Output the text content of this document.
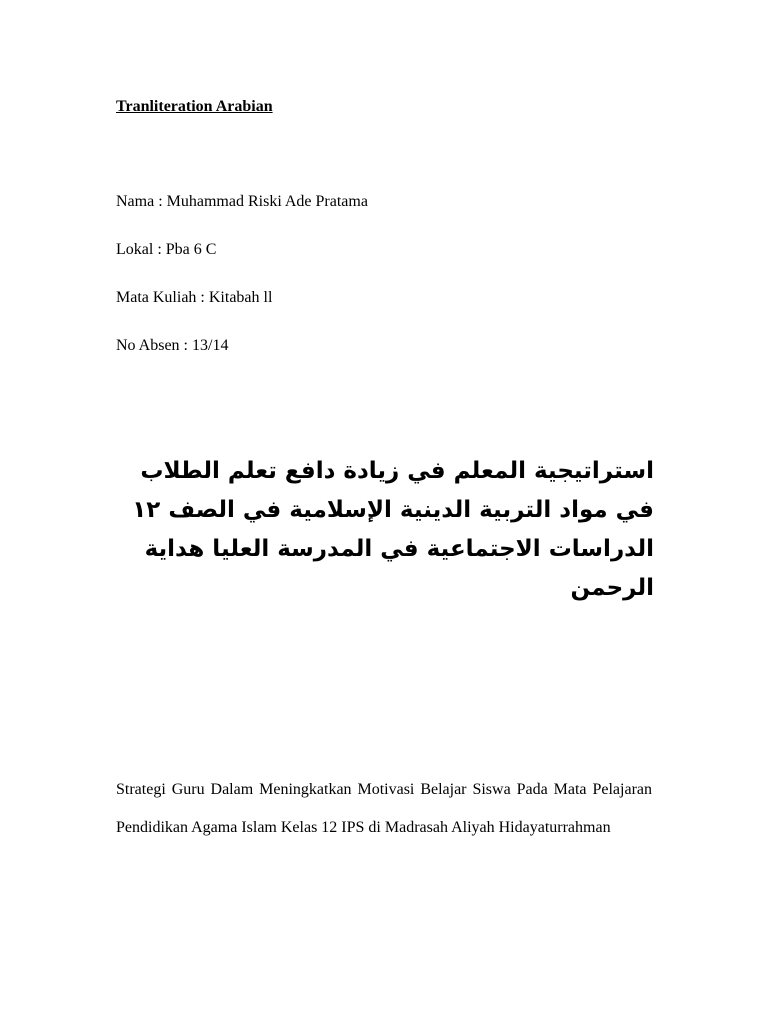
Tranliteration Arabian

Nama : Muhammad Riski Ade Pratama

Lokal : Pba 6 C

Mata Kuliah : Kitabah ll

No Absen : 13/14

استراتيجية المعلم في زيادة دافع تعلم الطلاب في مواد التربية الدينية الإسلامية في الصف ١٢ الدراسات الاجتماعية في المدرسة العليا هداية الرحمن

Strategi Guru Dalam Meningkatkan Motivasi Belajar Siswa Pada Mata Pelajaran Pendidikan Agama Islam Kelas 12 IPS di Madrasah Aliyah Hidayaturrahman
